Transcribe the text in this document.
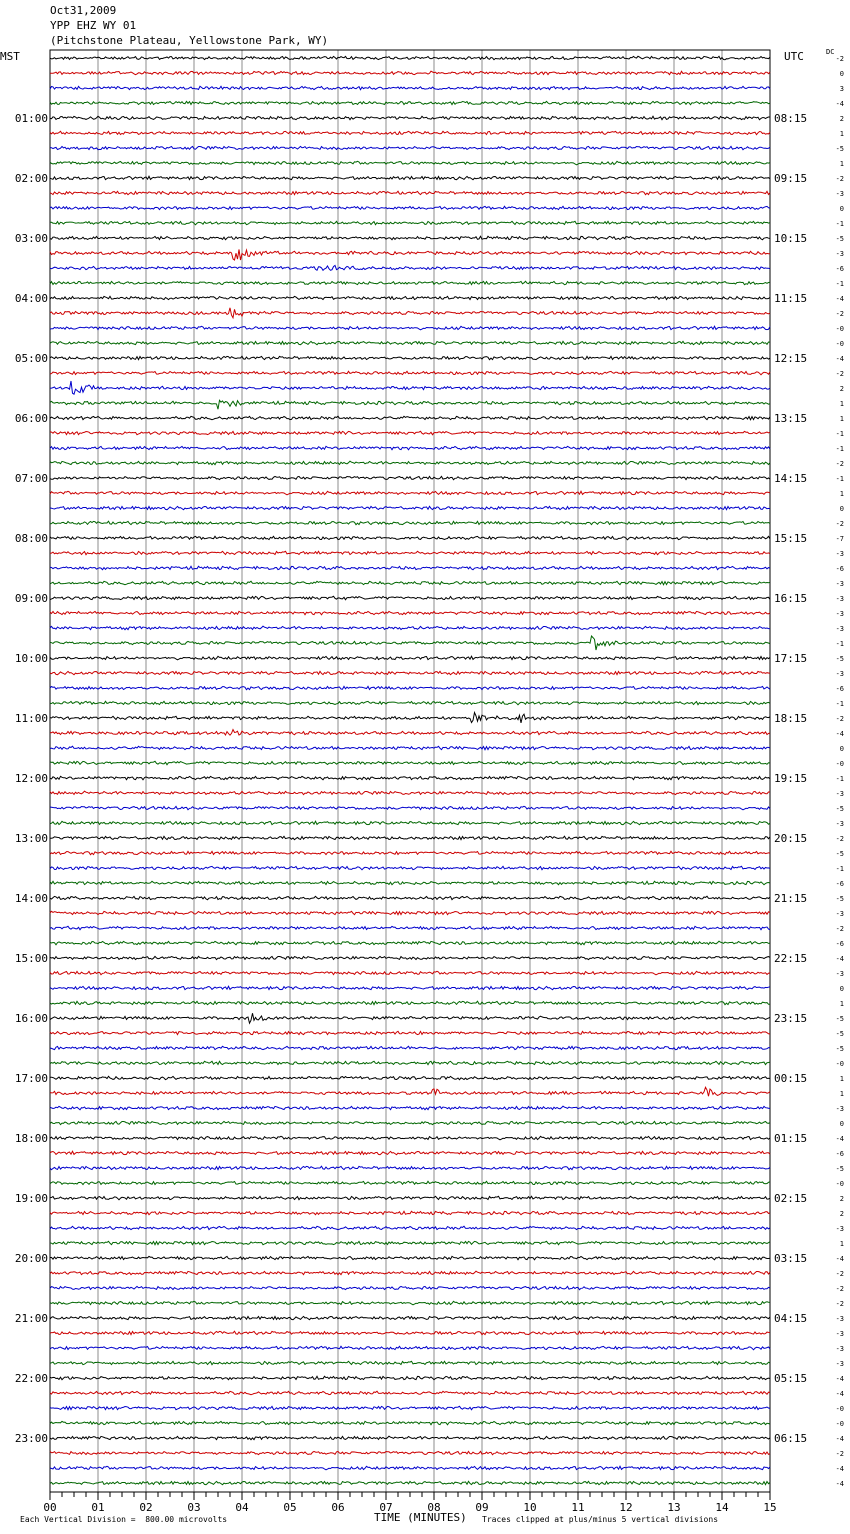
Oct31,2009
YPP EHZ WY 01
(Pitchstone Plateau, Yellowstone Park, WY)
MST	UTC	DC
01:00
02:00
03:00
04:00
05:00
06:00
07:00
08:00
09:00
10:00
11:00
12:00
13:00
14:00
15:00
16:00
17:00
18:00
19:00
20:00
21:00
22:00
23:00
08:15
09:15
10:15
11:15
12:15
13:15
14:15
15:15
16:15
17:15
18:15
19:15
20:15
21:15
22:15
23:15
00:15
01:15
02:15
03:15
04:15
05:15
06:15
-2
0
3
-4
2
1
-5
1
-2
-3
0
-1
-5
-3
-6
-1
-4
-2
-0
-0
-4
-2
2
1
1
-1
-1
-2
-1
1
0
-2
-7
-3
-6
-3
-3
-3
-3
-1
-5
-3
-6
-1
-2
-4
0
-0
-1
-3
-5
-3
-2
-5
-1
-6
-5
-3
-2
-6
-4
-3
0
1
-5
-5
-5
-0
1
1
-3
0
-4
-6
-5
-0
2
2
-3
1
-4
-2
-2
-2
-3
-3
-3
-3
-4
-4
-0
-0
-4
-2
-4
-4
00	01	02	03	04	05	06	07	08	09	10	11	12	13	14	15
Each Vertical Division =  800.00 microvolts	TIME (MINUTES) Traces clipped at plus/minus 5 vertical divisions
